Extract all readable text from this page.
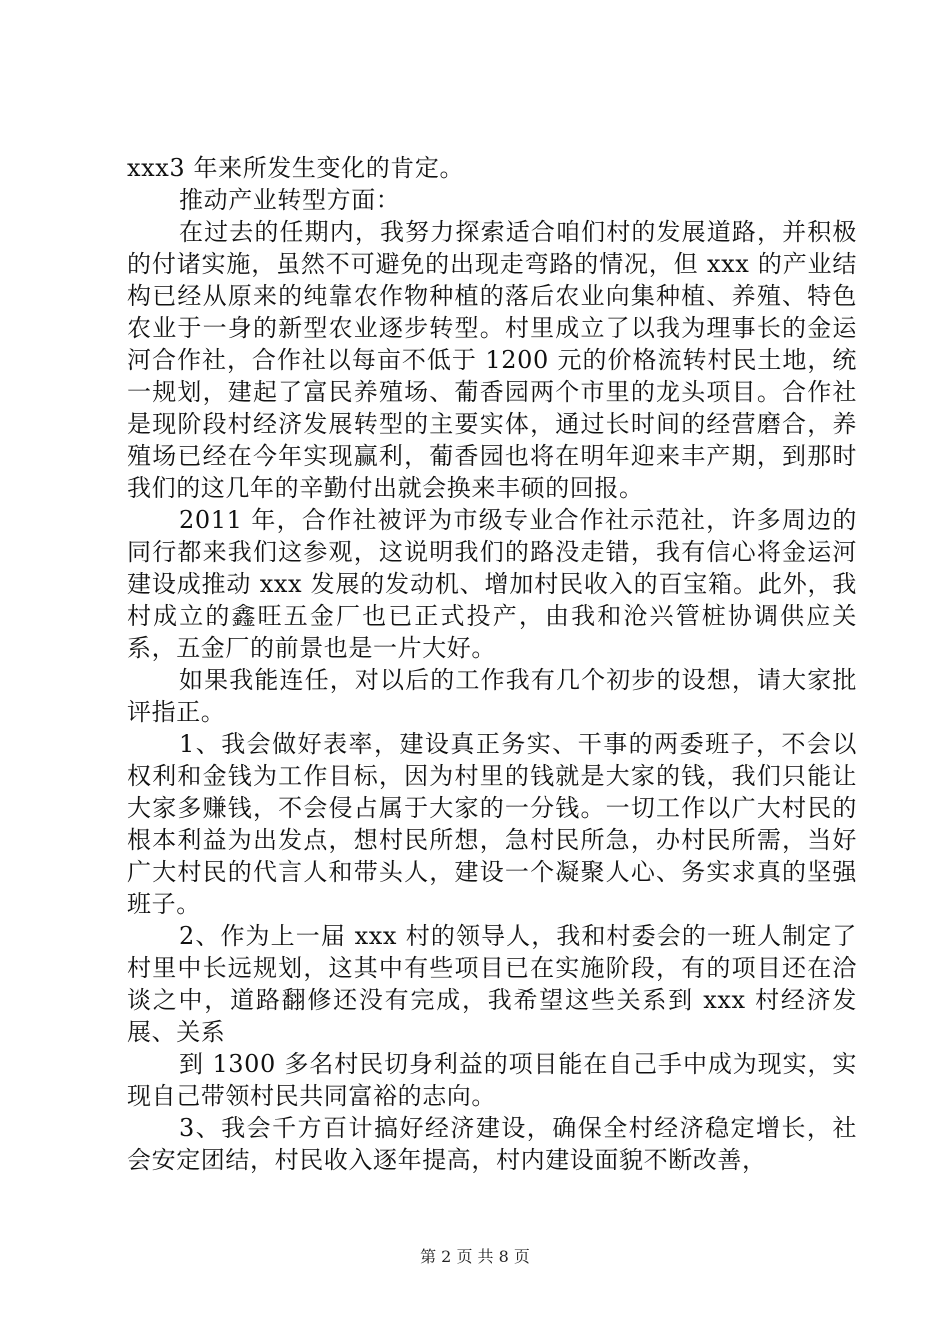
xxx3 年来所发生变化的肯定。

推动产业转型方面：

在过去的任期内，我努力探索适合咱们村的发展道路，并积极的付诸实施，虽然不可避免的出现走弯路的情况，但 xxx 的产业结构已经从原来的纯靠农作物种植的落后农业向集种植、养殖、特色农业于一身的新型农业逐步转型。村里成立了以我为理事长的金运河合作社，合作社以每亩不低于 1200 元的价格流转村民土地，统一规划，建起了富民养殖场、葡香园两个市里的龙头项目。合作社是现阶段村经济发展转型的主要实体，通过长时间的经营磨合，养殖场已经在今年实现赢利，葡香园也将在明年迎来丰产期，到那时我们的这几年的辛勤付出就会换来丰硕的回报。

2011 年，合作社被评为市级专业合作社示范社，许多周边的同行都来我们这参观，这说明我们的路没走错，我有信心将金运河建设成推动 xxx 发展的发动机、增加村民收入的百宝箱。此外，我村成立的鑫旺五金厂也已正式投产，由我和沧兴管桩协调供应关系，五金厂的前景也是一片大好。

如果我能连任，对以后的工作我有几个初步的设想，请大家批评指正。

1、我会做好表率，建设真正务实、干事的两委班子，不会以权利和金钱为工作目标，因为村里的钱就是大家的钱，我们只能让大家多赚钱，不会侵占属于大家的一分钱。一切工作以广大村民的根本利益为出发点，想村民所想，急村民所急，办村民所需，当好广大村民的代言人和带头人，建设一个凝聚人心、务实求真的坚强班子。

2、作为上一届 xxx 村的领导人，我和村委会的一班人制定了村里中长远规划，这其中有些项目已在实施阶段，有的项目还在洽谈之中，道路翻修还没有完成，我希望这些关系到 xxx 村经济发展、关系

到 1300 多名村民切身利益的项目能在自己手中成为现实，实现自己带领村民共同富裕的志向。

3、我会千方百计搞好经济建设，确保全村经济稳定增长，社会安定团结，村民收入逐年提高，村内建设面貌不断改善，

第 2 页 共 8 页
